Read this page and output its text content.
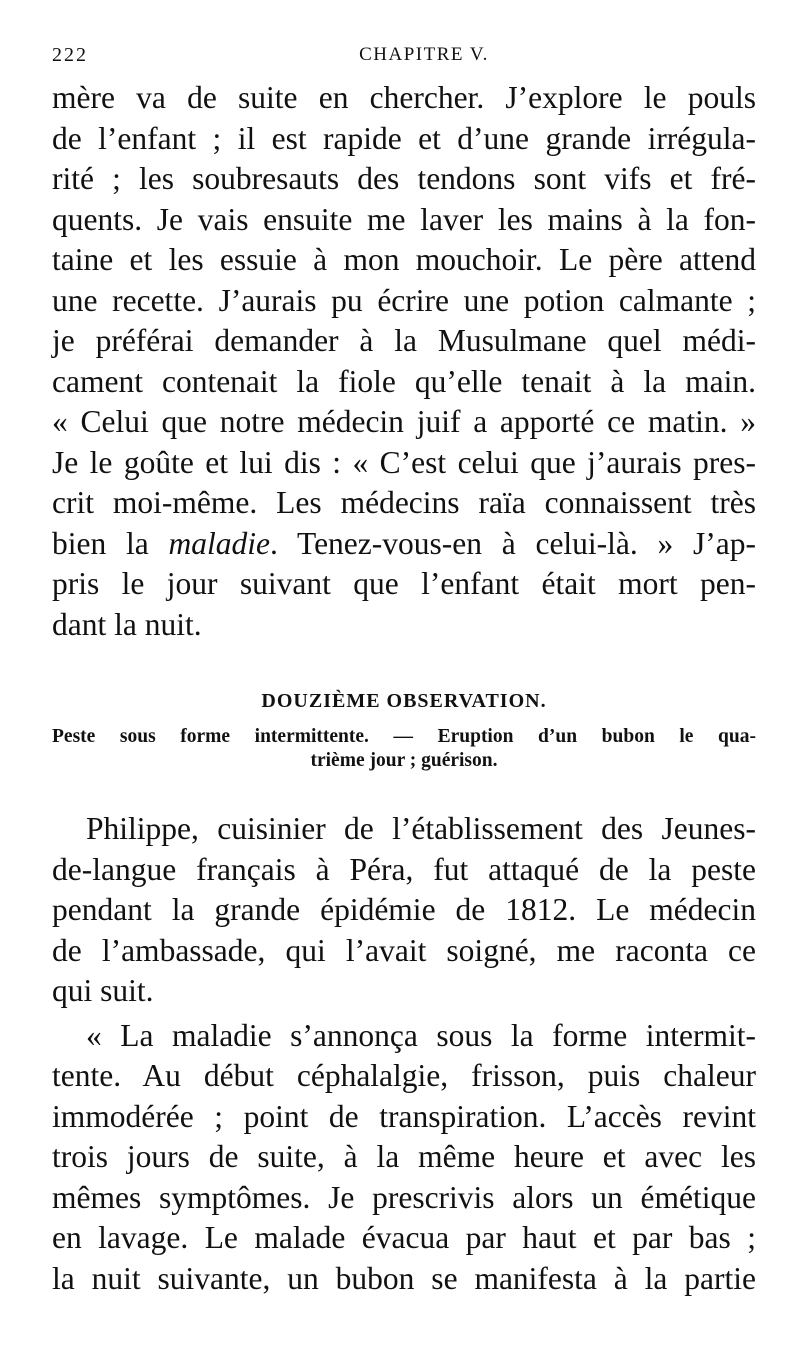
222	CHAPITRE V.
mère va de suite en chercher. J’explore le pouls
de l’enfant ; il est rapide et d’une grande irrégula-
rité ; les soubresauts des tendons sont vifs et fré-
quents. Je vais ensuite me laver les mains à la fon-
taine et les essuie à mon mouchoir. Le père attend
une recette. J’aurais pu écrire une potion calmante ;
je préférai demander à la Musulmane quel médi-
cament contenait la fiole qu’elle tenait à la main.
« Celui que notre médecin juif a apporté ce matin. »
Je le goûte et lui dis : « C’est celui que j’aurais pres-
crit moi-même. Les médecins raïa connaissent très
bien la maladie. Tenez-vous-en à celui-là. » J’ap-
pris le jour suivant que l’enfant était mort pen-
dant la nuit.
DOUZIÈME OBSERVATION.
Peste sous forme intermittente. — Eruption d’un bubon le qua-
trième jour ; guérison.
Philippe, cuisinier de l’établissement des Jeunes-
de-langue français à Péra, fut attaqué de la peste
pendant la grande épidémie de 1812. Le médecin
de l’ambassade, qui l’avait soigné, me raconta ce
qui suit.
« La maladie s’annonça sous la forme intermit-
tente. Au début céphalalgie, frisson, puis chaleur
immodérée ; point de transpiration. L’accès revint
trois jours de suite, à la même heure et avec les
mêmes symptômes. Je prescrivis alors un émétique
en lavage. Le malade évacua par haut et par bas ;
la nuit suivante, un bubon se manifesta à la partie
